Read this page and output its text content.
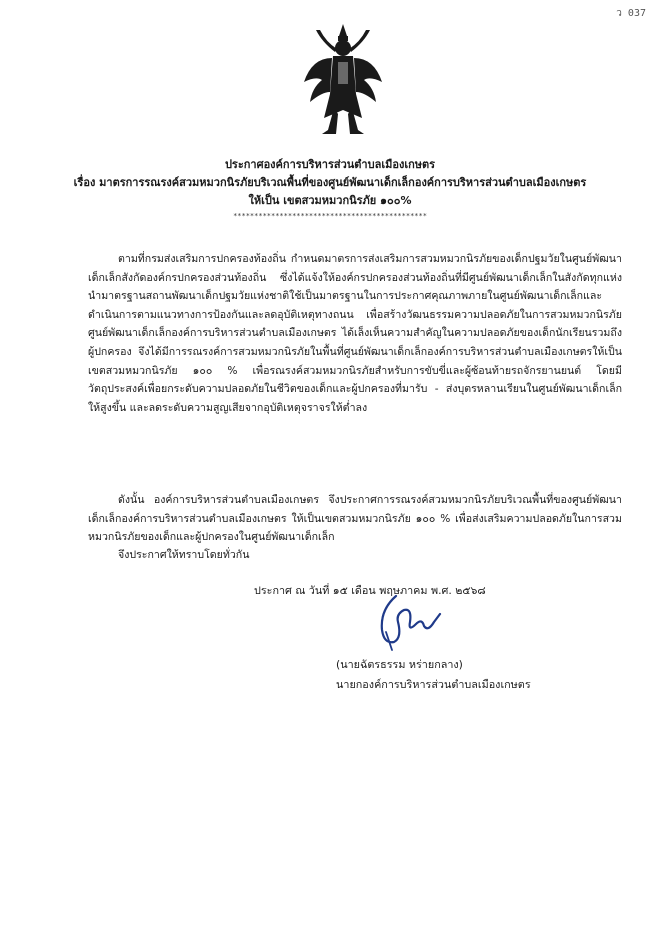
ว 037
ประกาศองค์การบริหารส่วนตำบลเมืองเกษตร
เรื่อง มาตรการรณรงค์สวมหมวกนิรภัยบริเวณพื้นที่ของศูนย์พัฒนาเด็กเล็กองค์การบริหารส่วนตำบลเมืองเกษตร
ให้เป็น เขตสวมหมวกนิรภัย ๑๐๐%
**********************************************
ตามที่กรมส่งเสริมการปกครองท้องถิ่น กำหนดมาตรการส่งเสริมการสวมหมวกนิรภัยของเด็กปฐมวัยในศูนย์พัฒนาเด็กเล็กสังกัดองค์กรปกครองส่วนท้องถิ่น ซึ่งได้แจ้งให้องค์กรปกครองส่วนท้องถิ่นที่มีศูนย์พัฒนาเด็กเล็กในสังกัดทุกแห่ง นำมาตรฐานสถานพัฒนาเด็กปฐมวัยแห่งชาติใช้เป็นมาตรฐานในการประกาศคุณภาพภายในศูนย์พัฒนาเด็กเล็กและดำเนินการตามแนวทางการป้องกันและลดอุบัติเหตุทางถนน เพื่อสร้างวัฒนธรรมความปลอดภัยในการสวมหมวกนิรภัย ศูนย์พัฒนาเด็กเล็กองค์การบริหารส่วนตำบลเมืองเกษตร ได้เล็งเห็นความสำคัญในความปลอดภัยของเด็กนักเรียนรวมถึงผู้ปกครอง จึงได้มีการรณรงค์การสวมหมวกนิรภัยในพื้นที่ศูนย์พัฒนาเด็กเล็กองค์การบริหารส่วนตำบลเมืองเกษตรให้เป็นเขตสวมหมวกนิรภัย ๑๐๐ % เพื่อรณรงค์สวมหมวกนิรภัยสำหรับการขับขี่และผู้ซ้อนท้ายรถจักรยานยนต์ โดยมีวัตถุประสงค์เพื่อยกระดับความปลอดภัยในชีวิตของเด็กและผู้ปกครองที่มารับ - ส่งบุตรหลานเรียนในศูนย์พัฒนาเด็กเล็กให้สูงขึ้น และลดระดับความสูญเสียจากอุบัติเหตุจราจรให้ต่ำลง
ดังนั้น องค์การบริหารส่วนตำบลเมืองเกษตร จึงประกาศการรณรงค์สวมหมวกนิรภัยบริเวณพื้นที่ของศูนย์พัฒนาเด็กเล็กองค์การบริหารส่วนตำบลเมืองเกษตร ให้เป็นเขตสวมหมวกนิรภัย ๑๐๐ % เพื่อส่งเสริมความปลอดภัยในการสวมหมวกนิรภัยของเด็กและผู้ปกครองในศูนย์พัฒนาเด็กเล็ก
จึงประกาศให้ทราบโดยทั่วกัน
ประกาศ ณ วันที่ ๑๕ เดือน พฤษภาคม พ.ศ. ๒๕๖๘
(นายฉัตรธรรม หร่ายกลาง)
นายกองค์การบริหารส่วนตำบลเมืองเกษตร
